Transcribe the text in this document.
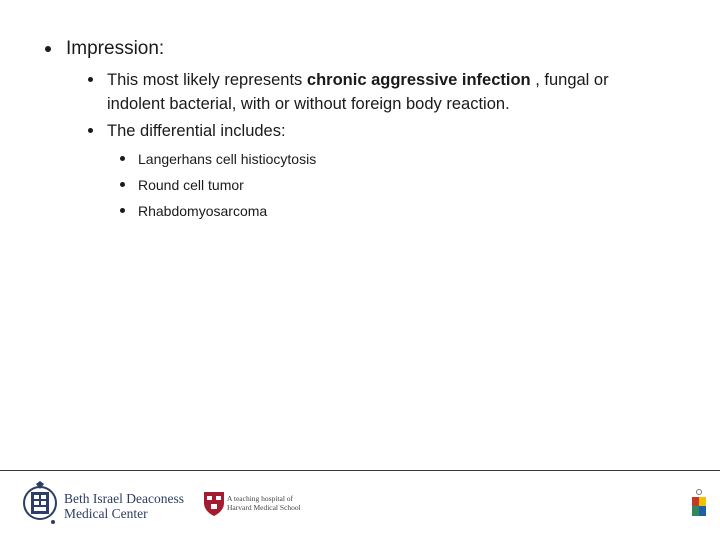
Impression:
This most likely represents chronic aggressive infection , fungal or
indolent bacterial, with or without foreign body reaction.
The differential includes:
Langerhans cell histiocytosis
Round cell tumor
Rhabdomyosarcoma
Beth Israel Deaconess
Medical Center
A teaching hospital of
Harvard Medical School
